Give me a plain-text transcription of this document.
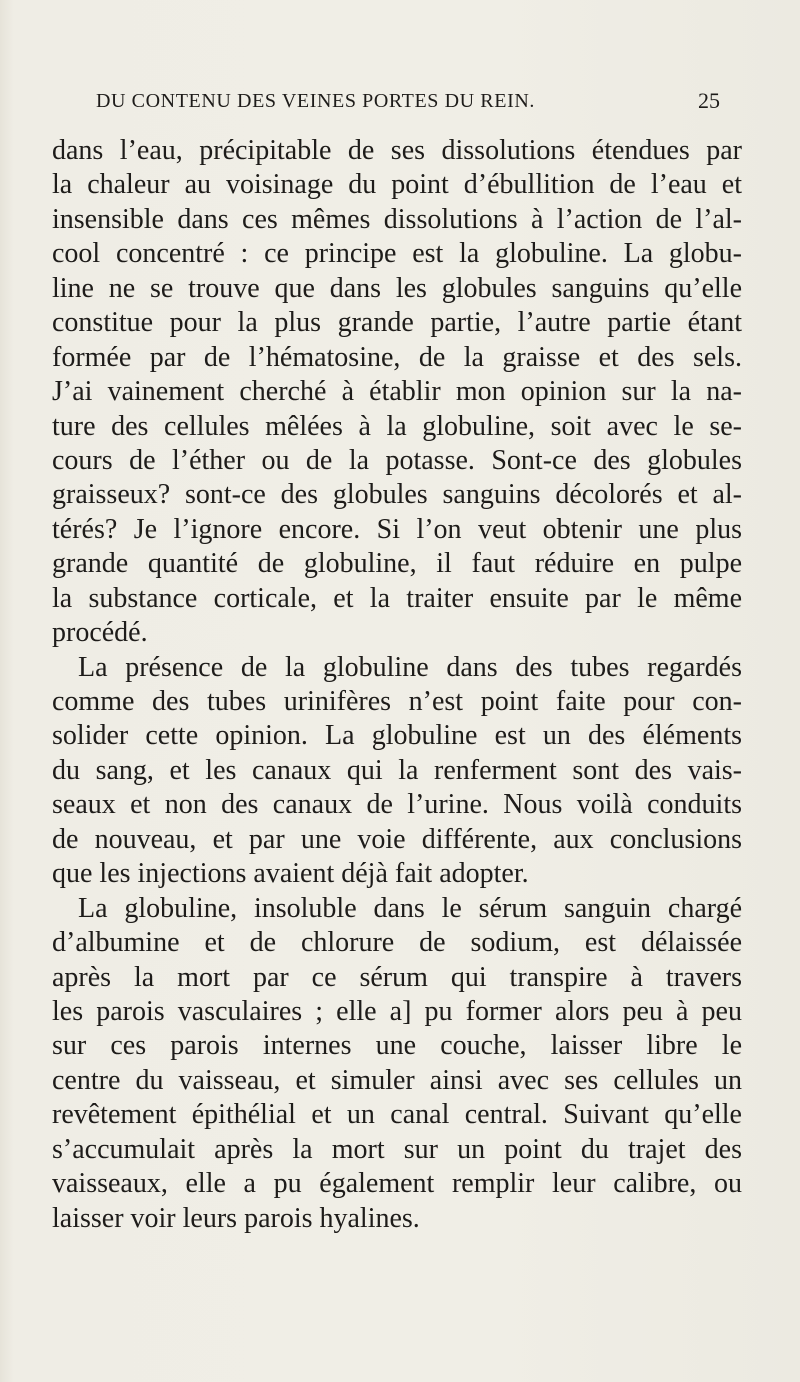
DU CONTENU DES VEINES PORTES DU REIN.	25
dans l’eau, précipitable de ses dissolutions étendues par
la chaleur au voisinage du point d’ébullition de l’eau et
insensible dans ces mêmes dissolutions à l’action de l’al-
cool concentré : ce principe est la globuline. La globu-
line ne se trouve que dans les globules sanguins qu’elle
constitue pour la plus grande partie, l’autre partie étant
formée par de l’hématosine, de la graisse et des sels.
J’ai vainement cherché à établir mon opinion sur la na-
ture des cellules mêlées à la globuline, soit avec le se-
cours de l’éther ou de la potasse. Sont-ce des globules
graisseux? sont-ce des globules sanguins décolorés et al-
térés? Je l’ignore encore. Si l’on veut obtenir une plus
grande quantité de globuline, il faut réduire en pulpe
la substance corticale, et la traiter ensuite par le même
procédé.
La présence de la globuline dans des tubes regardés
comme des tubes urinifères n’est point faite pour con-
solider cette opinion. La globuline est un des éléments
du sang, et les canaux qui la renferment sont des vais-
seaux et non des canaux de l’urine. Nous voilà conduits
de nouveau, et par une voie différente, aux conclusions
que les injections avaient déjà fait adopter.
La globuline, insoluble dans le sérum sanguin chargé
d’albumine et de chlorure de sodium, est délaissée
après la mort par ce sérum qui transpire à travers
les parois vasculaires ; elle a] pu former alors peu à peu
sur ces parois internes une couche, laisser libre le
centre du vaisseau, et simuler ainsi avec ses cellules un
revêtement épithélial et un canal central. Suivant qu’elle
s’accumulait après la mort sur un point du trajet des
vaisseaux, elle a pu également remplir leur calibre, ou
laisser voir leurs parois hyalines.
